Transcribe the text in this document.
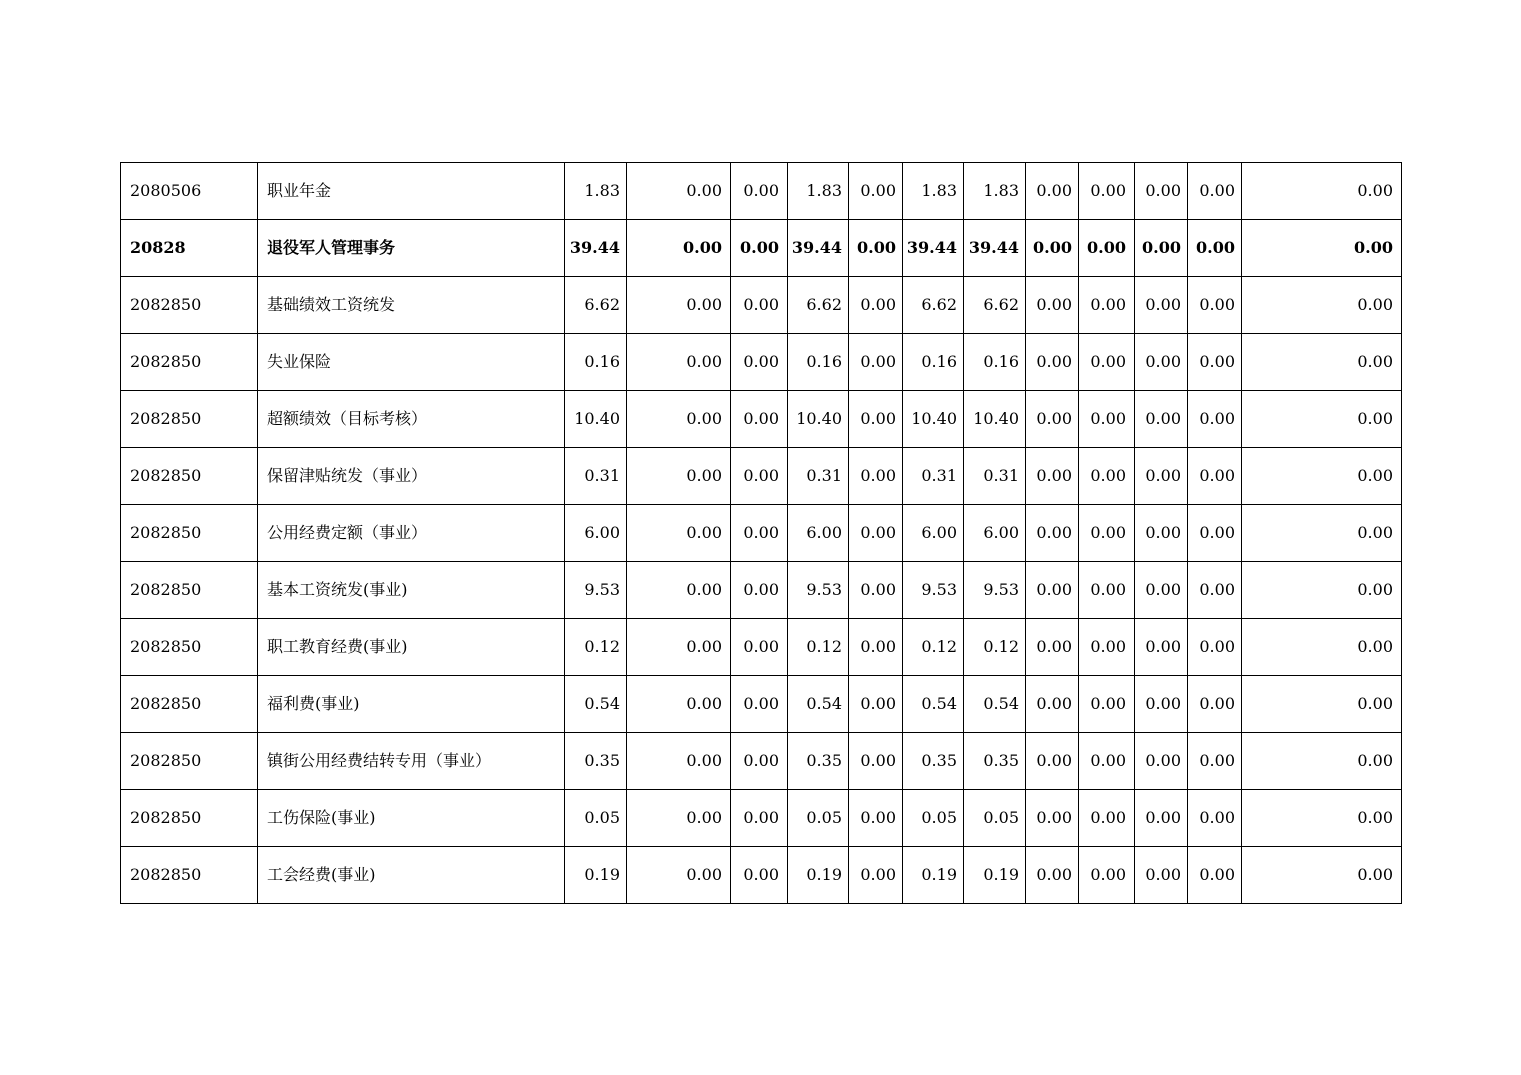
2080506	职业年金	1.83	0.00	0.00	1.83	0.00	1.83	1.83	0.00	0.00	0.00	0.00	0.00
20828	退役军人管理事务	39.44	0.00	0.00	39.44	0.00	39.44	39.44	0.00	0.00	0.00	0.00	0.00
2082850	基础绩效工资统发	6.62	0.00	0.00	6.62	0.00	6.62	6.62	0.00	0.00	0.00	0.00	0.00
2082850	失业保险	0.16	0.00	0.00	0.16	0.00	0.16	0.16	0.00	0.00	0.00	0.00	0.00
2082850	超额绩效（目标考核）	10.40	0.00	0.00	10.40	0.00	10.40	10.40	0.00	0.00	0.00	0.00	0.00
2082850	保留津贴统发（事业）	0.31	0.00	0.00	0.31	0.00	0.31	0.31	0.00	0.00	0.00	0.00	0.00
2082850	公用经费定额（事业）	6.00	0.00	0.00	6.00	0.00	6.00	6.00	0.00	0.00	0.00	0.00	0.00
2082850	基本工资统发(事业)	9.53	0.00	0.00	9.53	0.00	9.53	9.53	0.00	0.00	0.00	0.00	0.00
2082850	职工教育经费(事业)	0.12	0.00	0.00	0.12	0.00	0.12	0.12	0.00	0.00	0.00	0.00	0.00
2082850	福利费(事业)	0.54	0.00	0.00	0.54	0.00	0.54	0.54	0.00	0.00	0.00	0.00	0.00
2082850	镇街公用经费结转专用（事业）	0.35	0.00	0.00	0.35	0.00	0.35	0.35	0.00	0.00	0.00	0.00	0.00
2082850	工伤保险(事业)	0.05	0.00	0.00	0.05	0.00	0.05	0.05	0.00	0.00	0.00	0.00	0.00
2082850	工会经费(事业)	0.19	0.00	0.00	0.19	0.00	0.19	0.19	0.00	0.00	0.00	0.00	0.00
